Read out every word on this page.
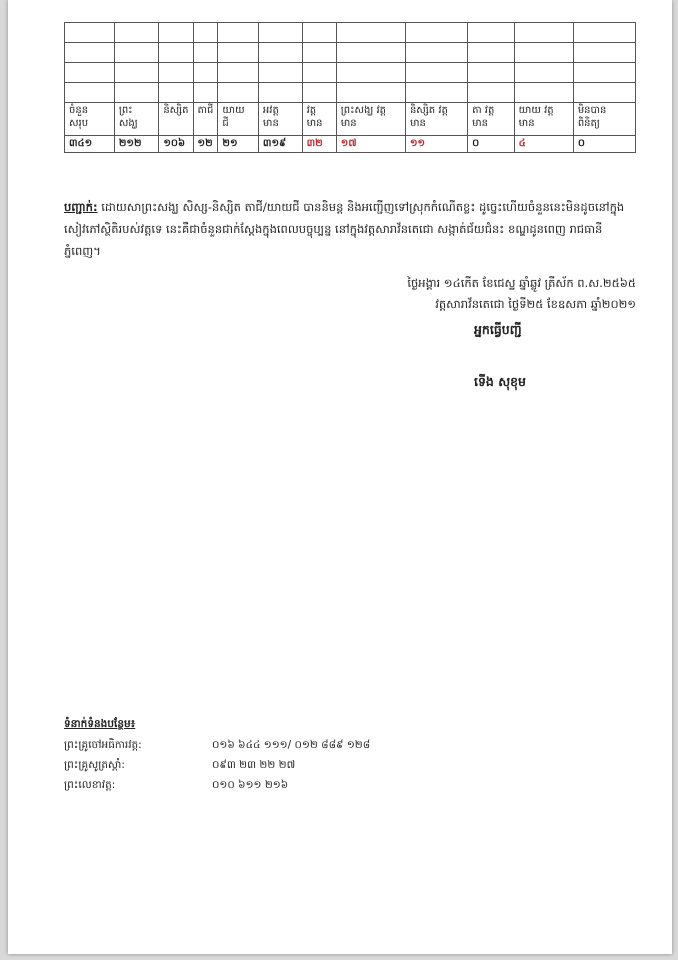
ចំនួន សរុប	ព្រះ សង្ឃ	និស្សិត	តាជី	យាយ ជី	អវត្ត មាន	វត្តមាន	ព្រះសង្ឃ វត្តមាន	និស្សិត វត្តមាន	តា វត្តមាន	យាយ វត្តមាន	មិនបាន ពិនិត្យ
៣៤១	២១២	១០៦	១២	២១	៣១៩	៣២	១៧	១១	០	៤	០
បញ្ជាក់: ដោយសាព្រះសង្ឃ សិស្ស-និស្សិត តាជី/យាយជី បាននិមន្ត និងអញ្ជើញទៅស្រុកកំណើតខ្លះ ដូច្នេះហើយចំនួននេះមិនដូចនៅក្នុងសៀវភៅស្ថិតិរបស់វត្តទេ នេះគឺជាចំនួនជាក់ស្តែងក្នុងពេលបច្ចុប្បន្ន នៅក្នុងវត្តសារាវ័នតេជោ សង្កាត់ជ័យជំនះ ខណ្ឌដូនពេញ រាជធានីភ្នំពេញ។
ថ្ងៃអង្គារ ១៤កើត ខែជេស្ឋ ឆ្នាំឆ្លូវ ត្រីស័ក ព.ស.២៥៦៥
វត្តសារាវ័នតេជោ ថ្ងៃទី២៥ ខែឧសភា ឆ្នាំ២០២១
អ្នកធ្វើបញ្ជី
ទើង សុខុម
ទំនាក់ទំនងបន្ថែម៖
ព្រះគ្រូចៅអធិការវត្ត:	០១៦ ៦៤៤ ១១១/ ០១២ ៨៨៩ ១២៨
ព្រះគ្រូសូត្រស្ដាំ:	០៩៣ ២៣ ២២ ២៧
ព្រះលេខាវត្ត:	០១០ ៦១១ ២១៦
